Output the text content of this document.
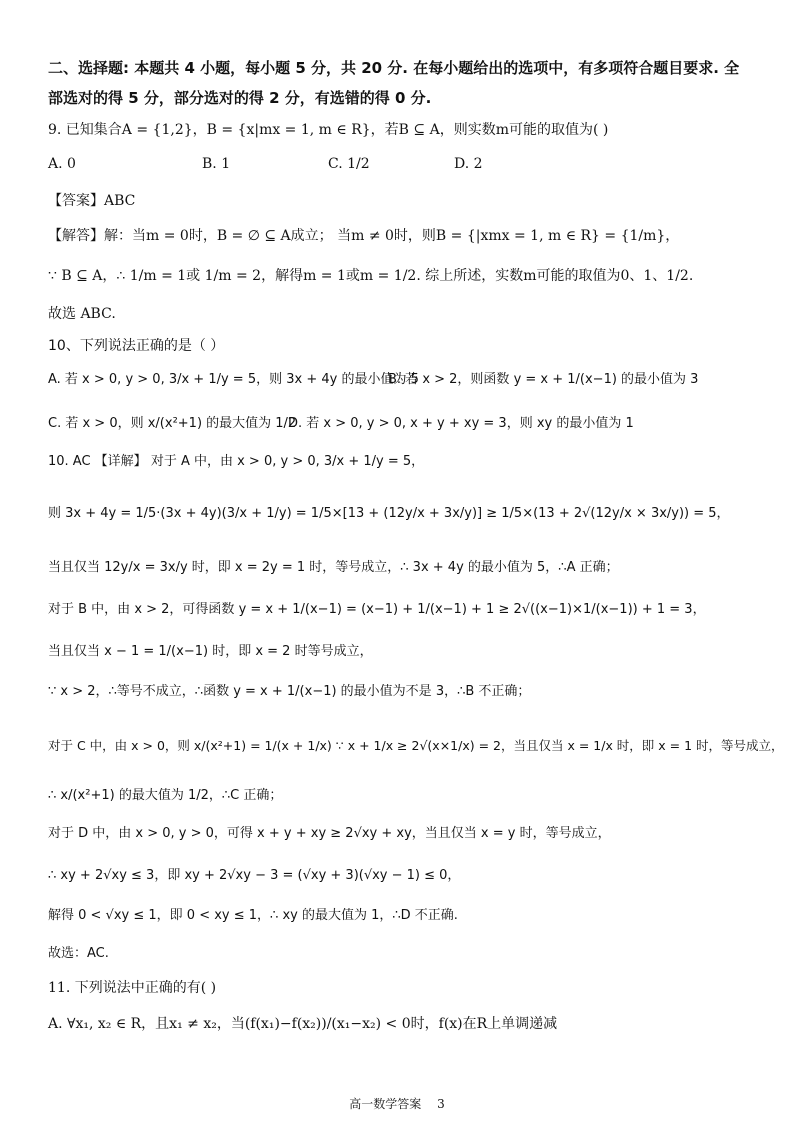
二、选择题: 本题共 4 小题，每小题 5 分，共 20 分. 在每小题给出的选项中，有多项符合题目要求. 全
部选对的得 5 分，部分选对的得 2 分，有选错的得 0 分.
9. 已知集合A = {1,2}，B = {x|mx = 1, m ∈ R}，若B ⊆ A，则实数m可能的取值为( )
A. 0	B. 1	C. 1/2	D. 2
【答案】ABC
【解答】解：当m = 0时，B = ∅ ⊆ A成立； 当m ≠ 0时，则B = {|xmx = 1, m ∈ R} = {1/m}，
∵ B ⊆ A，∴ 1/m = 1或 1/m = 2，解得m = 1或m = 1/2. 综上所述，实数m可能的取值为0、1、1/2.
故选 ABC.
10、下列说法正确的是（ ）
A. 若 x > 0, y > 0, 3/x + 1/y = 5，则 3x + 4y 的最小值为 5
B. 若 x > 2，则函数 y = x + 1/(x−1) 的最小值为 3
C. 若 x > 0，则 x/(x²+1) 的最大值为 1/2
D. 若 x > 0, y > 0, x + y + xy = 3，则 xy 的最小值为 1
10. AC 【详解】 对于 A 中，由 x > 0, y > 0, 3/x + 1/y = 5，
则 3x + 4y = 1/5·(3x + 4y)(3/x + 1/y) = 1/5×[13 + (12y/x + 3x/y)] ≥ 1/5×(13 + 2√(12y/x × 3x/y)) = 5，
当且仅当 12y/x = 3x/y 时，即 x = 2y = 1 时，等号成立，∴ 3x + 4y 的最小值为 5，∴A 正确；
对于 B 中，由 x > 2，可得函数 y = x + 1/(x−1) = (x−1) + 1/(x−1) + 1 ≥ 2√((x−1)×1/(x−1)) + 1 = 3，
当且仅当 x − 1 = 1/(x−1) 时，即 x = 2 时等号成立，
∵ x > 2，∴等号不成立，∴函数 y = x + 1/(x−1) 的最小值为不是 3，∴B 不正确；
对于 C 中，由 x > 0，则 x/(x²+1) = 1/(x + 1/x) ∵ x + 1/x ≥ 2√(x×1/x) = 2，当且仅当 x = 1/x 时，即 x = 1 时，等号成立，
∴ x/(x²+1) 的最大值为 1/2，∴C 正确；
对于 D 中，由 x > 0, y > 0，可得 x + y + xy ≥ 2√xy + xy，当且仅当 x = y 时，等号成立，
∴ xy + 2√xy ≤ 3，即 xy + 2√xy − 3 = (√xy + 3)(√xy − 1) ≤ 0，
解得 0 < √xy ≤ 1，即 0 < xy ≤ 1，∴ xy 的最大值为 1，∴D 不正确.
故选：AC.
11. 下列说法中正确的有( )
A. ∀x₁, x₂ ∈ R，且x₁ ≠ x₂，当(f(x₁)−f(x₂))/(x₁−x₂) < 0时，f(x)在R上单调递减
高一数学答案 3
